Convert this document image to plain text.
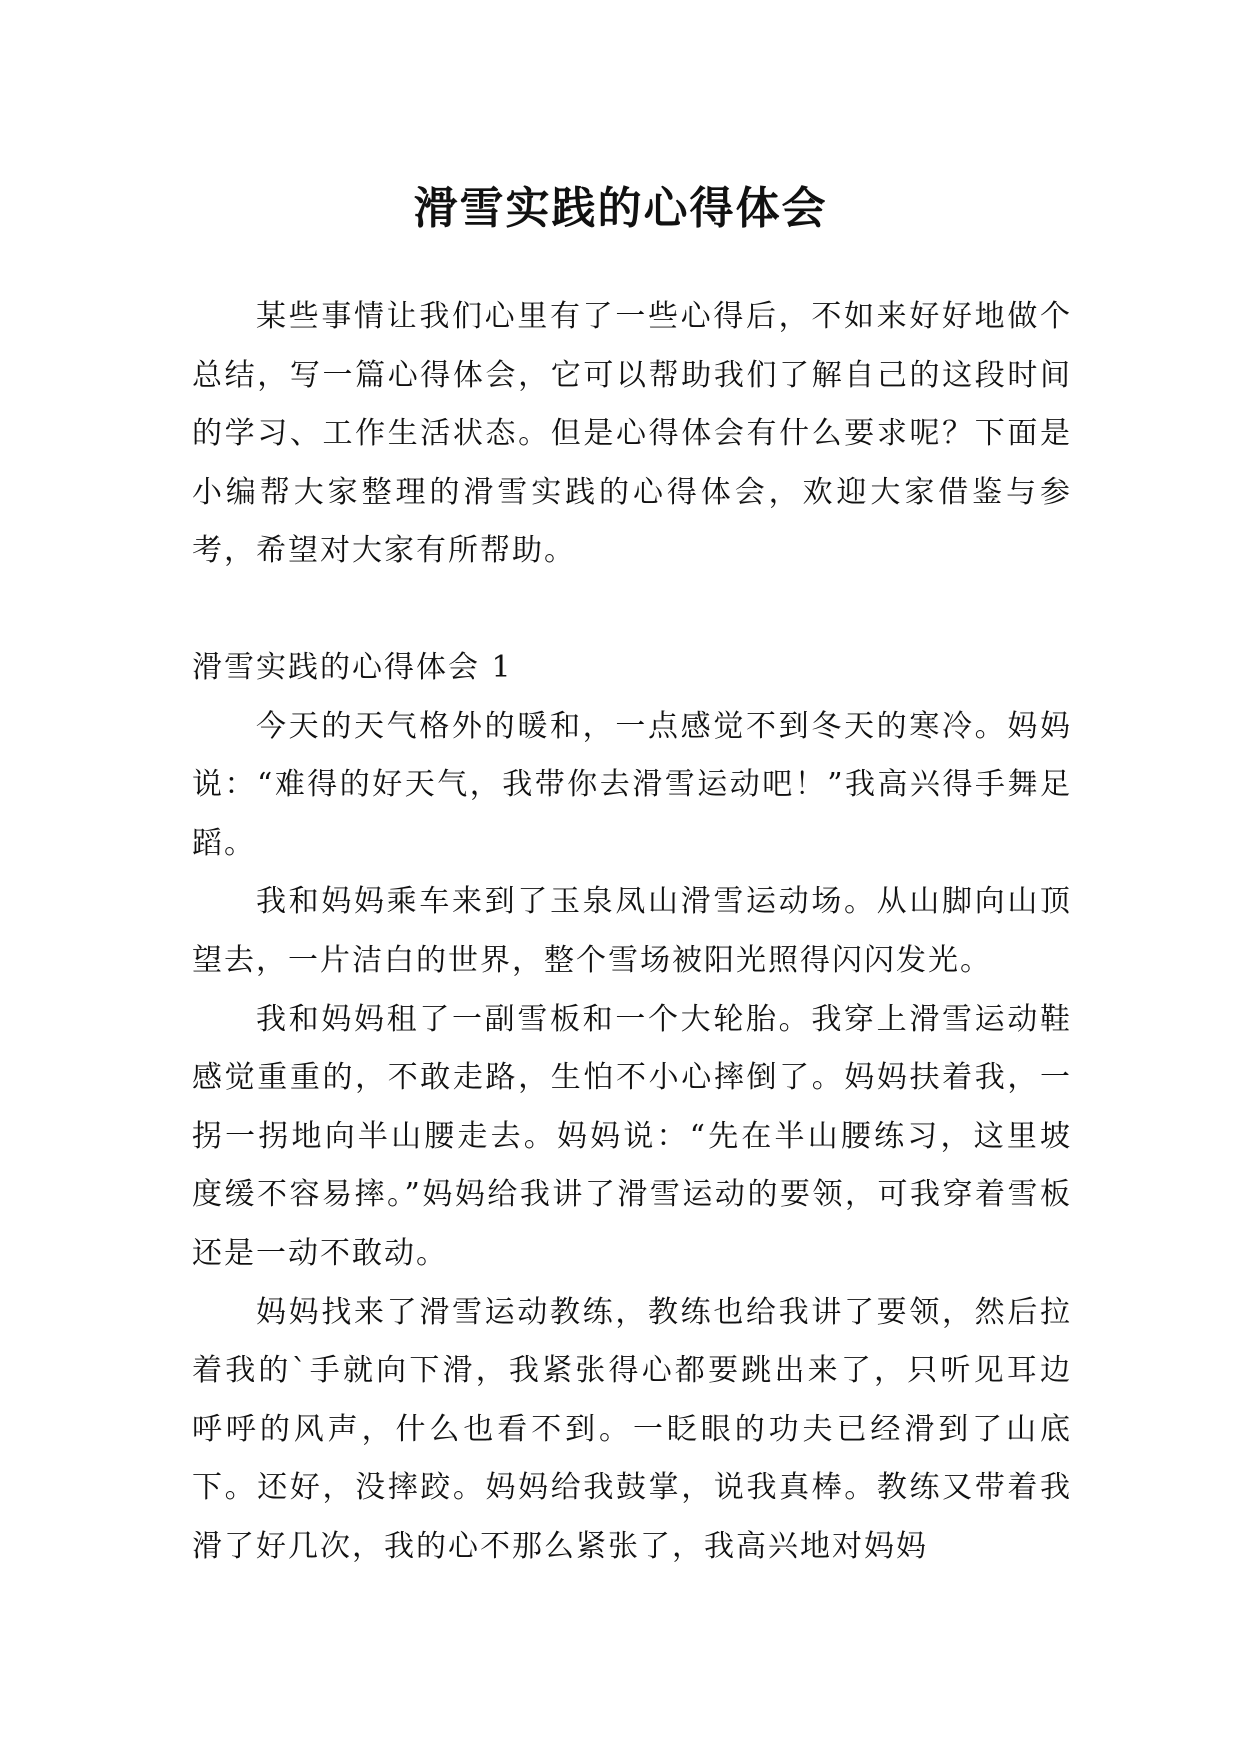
滑雪实践的心得体会

某些事情让我们心里有了一些心得后，不如来好好地做个总结，写一篇心得体会，它可以帮助我们了解自己的这段时间的学习、工作生活状态。但是心得体会有什么要求呢？下面是小编帮大家整理的滑雪实践的心得体会，欢迎大家借鉴与参考，希望对大家有所帮助。

滑雪实践的心得体会 1

今天的天气格外的暖和，一点感觉不到冬天的寒冷。妈妈说：“难得的好天气，我带你去滑雪运动吧！”我高兴得手舞足蹈。

我和妈妈乘车来到了玉泉凤山滑雪运动场。从山脚向山顶望去，一片洁白的世界，整个雪场被阳光照得闪闪发光。

我和妈妈租了一副雪板和一个大轮胎。我穿上滑雪运动鞋感觉重重的，不敢走路，生怕不小心摔倒了。妈妈扶着我，一拐一拐地向半山腰走去。妈妈说：“先在半山腰练习，这里坡度缓不容易摔。”妈妈给我讲了滑雪运动的要领，可我穿着雪板还是一动不敢动。

妈妈找来了滑雪运动教练，教练也给我讲了要领，然后拉着我的`手就向下滑，我紧张得心都要跳出来了，只听见耳边呼呼的风声，什么也看不到。一眨眼的功夫已经滑到了山底下。还好，没摔跤。妈妈给我鼓掌，说我真棒。教练又带着我滑了好几次，我的心不那么紧张了，我高兴地对妈妈
